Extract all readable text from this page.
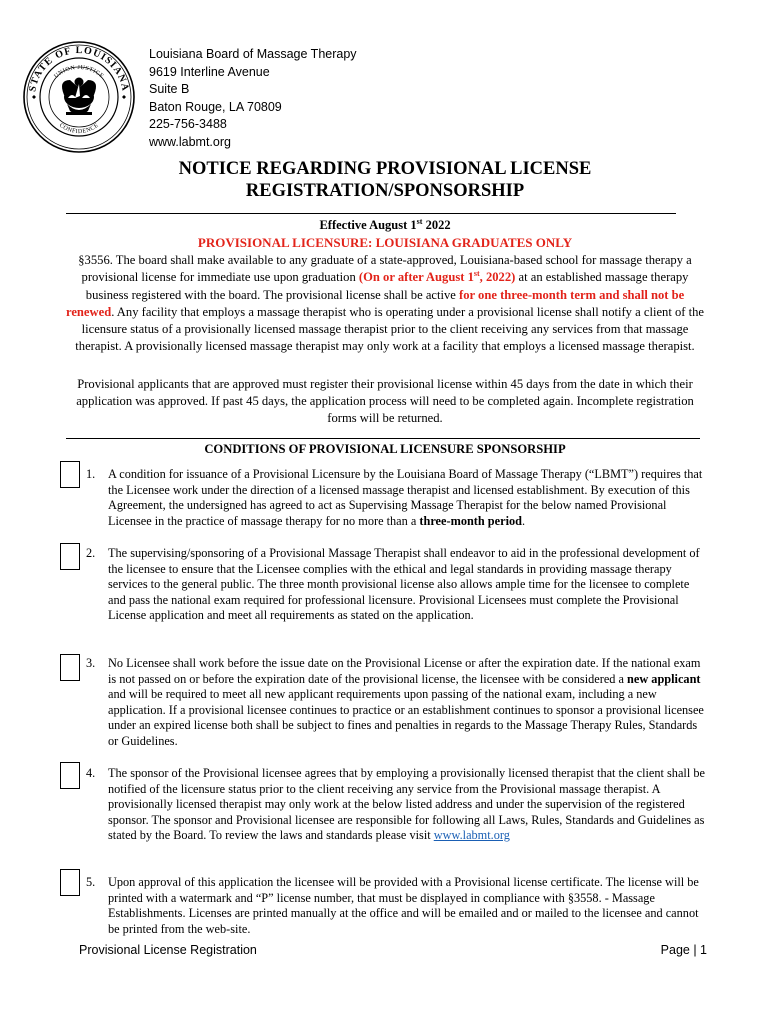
STATE OF LOUISIANA
UNION JUSTICE
CONFIDENCE
Louisiana Board of Massage Therapy
9619 Interline Avenue
Suite B
Baton Rouge, LA 70809
225-756-3488
www.labmt.org
NOTICE REGARDING PROVISIONAL LICENSE
REGISTRATION/SPONSORSHIP
Effective August 1st 2022
PROVISIONAL LICENSURE: LOUISIANA GRADUATES ONLY
§3556. The board shall make available to any graduate of a state-approved, Louisiana-based school for massage therapy a provisional license for immediate use upon graduation (On or after August 1st, 2022) at an established massage therapy business registered with the board. The provisional license shall be active for one three-month term and shall not be renewed. Any facility that employs a massage therapist who is operating under a provisional license shall notify a client of the licensure status of a provisionally licensed massage therapist prior to the client receiving any services from that massage therapist. A provisionally licensed massage therapist may only work at a facility that employs a licensed massage therapist.
Provisional applicants that are approved must register their provisional license within 45 days from the date in which their application was approved. If past 45 days, the application process will need to be completed again. Incomplete registration forms will be returned.
CONDITIONS OF PROVISIONAL LICENSURE SPONSORSHIP
1. A condition for issuance of a Provisional Licensure by the Louisiana Board of Massage Therapy (“LBMT”) requires that the Licensee work under the direction of a licensed massage therapist and licensed establishment. By execution of this Agreement, the undersigned has agreed to act as Supervising Massage Therapist for the below named Provisional Licensee in the practice of massage therapy for no more than a three-month period.
2. The supervising/sponsoring of a Provisional Massage Therapist shall endeavor to aid in the professional development of the licensee to ensure that the Licensee complies with the ethical and legal standards in providing massage therapy services to the general public. The three month provisional license also allows ample time for the licensee to complete and pass the national exam required for professional licensure. Provisional Licensees must complete the Provisional License application and meet all requirements as stated on the application.
3. No Licensee shall work before the issue date on the Provisional License or after the expiration date. If the national exam is not passed on or before the expiration date of the provisional license, the licensee with be considered a new applicant and will be required to meet all new applicant requirements upon passing of the national exam, including a new application. If a provisional licensee continues to practice or an establishment continues to sponsor a provisional licensee under an expired license both shall be subject to fines and penalties in regards to the Massage Therapy Rules, Standards or Guidelines.
4. The sponsor of the Provisional licensee agrees that by employing a provisionally licensed therapist that the client shall be notified of the licensure status prior to the client receiving any service from the Provisional massage therapist. A provisionally licensed therapist may only work at the below listed address and under the supervision of the registered sponsor. The sponsor and Provisional licensee are responsible for following all Laws, Rules, Standards and Guidelines as stated by the Board. To review the laws and standards please visit www.labmt.org
5. Upon approval of this application the licensee will be provided with a Provisional license certificate. The license will be printed with a watermark and “P” license number, that must be displayed in compliance with §3558. - Massage Establishments. Licenses are printed manually at the office and will be emailed and or mailed to the licensee and cannot be printed from the web-site.
Provisional License Registration	Page | 1
